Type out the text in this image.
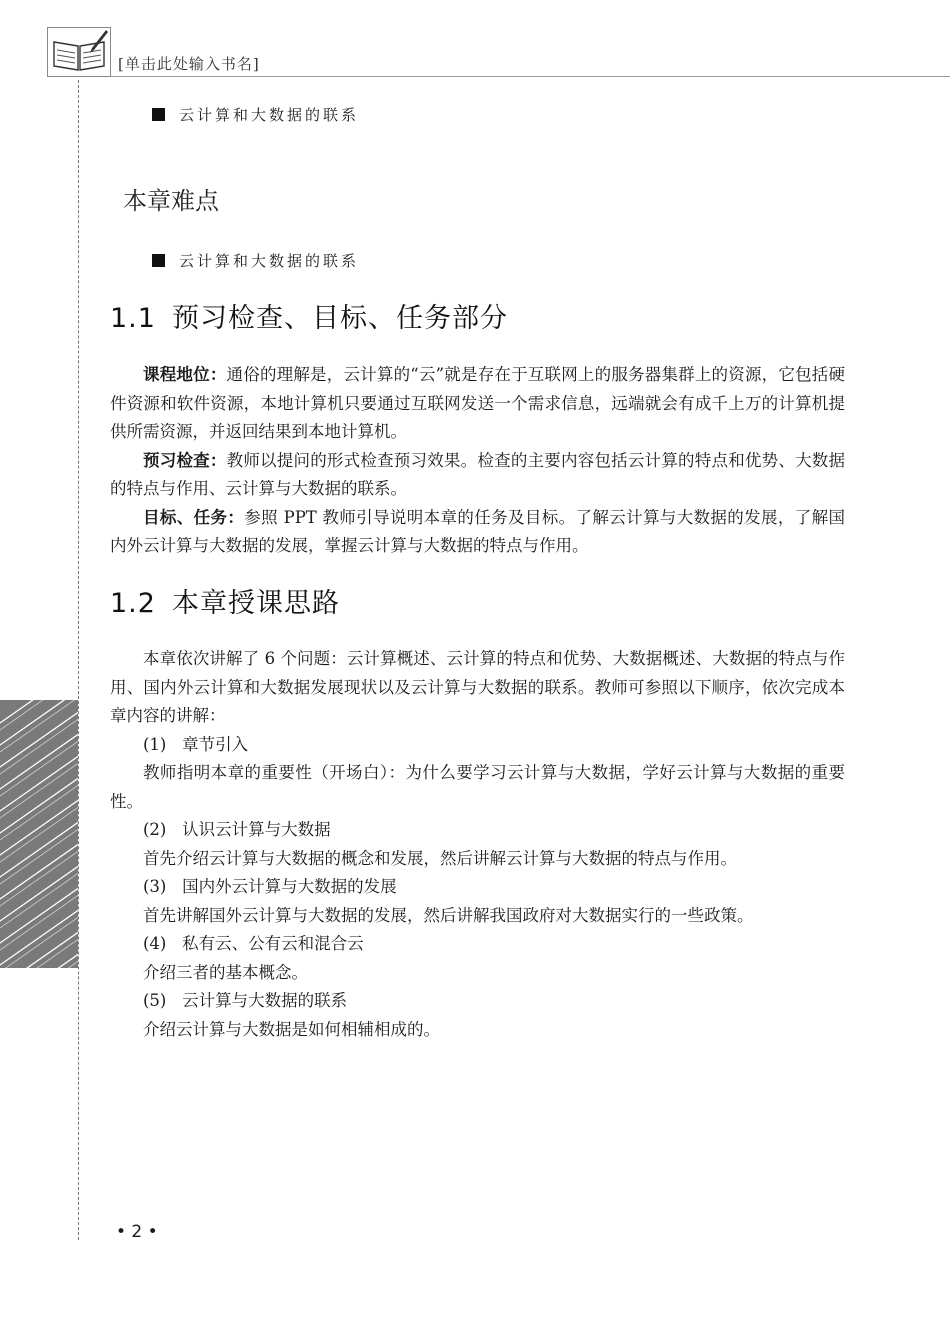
[单击此处输入书名]
云计算和大数据的联系
本章难点
云计算和大数据的联系
1.1 预习检查、目标、任务部分

课程地位：通俗的理解是，云计算的“云”就是存在于互联网上的服务器集群上的资源，它包括硬件资源和软件资源，本地计算机只要通过互联网发送一个需求信息，远端就会有成千上万的计算机提供所需资源，并返回结果到本地计算机。

预习检查：教师以提问的形式检查预习效果。检查的主要内容包括云计算的特点和优势、大数据的特点与作用、云计算与大数据的联系。

目标、任务：参照 PPT 教师引导说明本章的任务及目标。了解云计算与大数据的发展，了解国内外云计算与大数据的发展，掌握云计算与大数据的特点与作用。

1.2 本章授课思路

本章依次讲解了 6 个问题：云计算概述、云计算的特点和优势、大数据概述、大数据的特点与作用、国内外云计算和大数据发展现状以及云计算与大数据的联系。教师可参照以下顺序，依次完成本章内容的讲解：

(1) 章节引入

教师指明本章的重要性（开场白）：为什么要学习云计算与大数据，学好云计算与大数据的重要性。

(2) 认识云计算与大数据

首先介绍云计算与大数据的概念和发展，然后讲解云计算与大数据的特点与作用。

(3) 国内外云计算与大数据的发展

首先讲解国外云计算与大数据的发展，然后讲解我国政府对大数据实行的一些政策。

(4) 私有云、公有云和混合云

介绍三者的基本概念。

(5) 云计算与大数据的联系

介绍云计算与大数据是如何相辅相成的。

• 2 •
